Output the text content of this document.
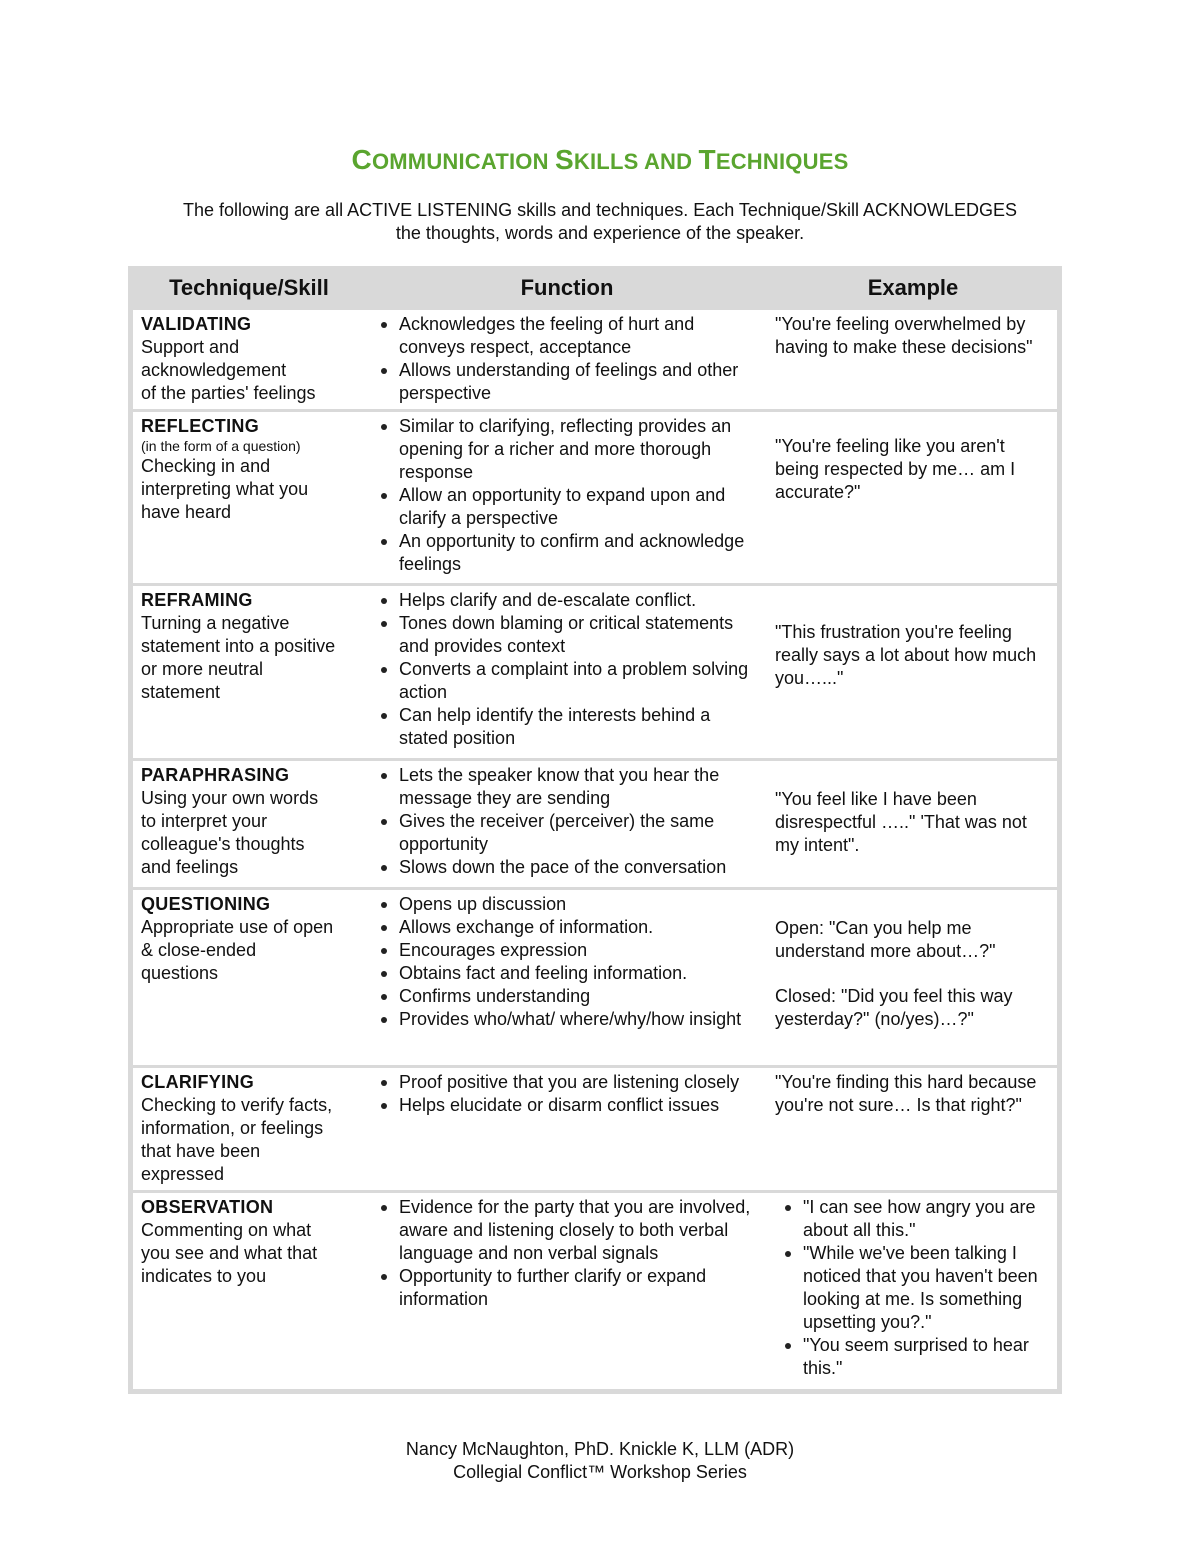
COMMUNICATION SKILLS AND TECHNIQUES
The following are all ACTIVE LISTENING skills and techniques. Each Technique/Skill ACKNOWLEDGES
the thoughts, words and experience of the speaker.
Technique/Skill	Function	Example
VALIDATING
Support and
acknowledgement
of the parties' feelings
Acknowledges the feeling of hurt and conveys respect, acceptance
Allows understanding of feelings and other perspective
"You're feeling overwhelmed by having to make these decisions"
REFLECTING
(in the form of a question)
Checking in and
interpreting what you
have heard
Similar to clarifying, reflecting provides an opening for a richer and more thorough response
Allow an opportunity to expand upon and clarify a perspective
An opportunity to confirm and acknowledge feelings
"You're feeling like you aren't being respected by me… am I accurate?"
REFRAMING
Turning a negative
statement into a positive
or more neutral
statement
Helps clarify and de-escalate conflict.
Tones down blaming or critical statements and provides context
Converts a complaint into a problem solving action
Can help identify the interests behind a stated position
"This frustration you're feeling really says a lot about how much you…..."
PARAPHRASING
Using your own words
to interpret your
colleague's thoughts
and feelings
Lets the speaker know that you hear the message they are sending
Gives the receiver (perceiver) the same opportunity
Slows down the pace of the conversation
"You feel like I have been disrespectful ….." 'That was not my intent".
QUESTIONING
Appropriate use of open
& close-ended
questions
Opens up discussion
Allows exchange of information.
Encourages expression
Obtains fact and feeling information.
Confirms understanding
Provides who/what/ where/why/how insight
Open: "Can you help me understand more about…?"
Closed: "Did you feel this way yesterday?" (no/yes)…?"
CLARIFYING
Checking to verify facts,
information, or feelings
that have been
expressed
Proof positive that you are listening closely
Helps elucidate or disarm conflict issues
"You're finding this hard because you're not sure… Is that right?"
OBSERVATION
Commenting on what
you see and what that
indicates to you
Evidence for the party that you are involved, aware and listening closely to both verbal language and non verbal signals
Opportunity to further clarify or expand information
"I can see how angry you are about all this."
"While we've been talking I noticed that you haven't been looking at me. Is something upsetting you?."
"You seem surprised to hear this."
Nancy McNaughton, PhD. Knickle K, LLM (ADR)
Collegial Conflict™ Workshop Series
